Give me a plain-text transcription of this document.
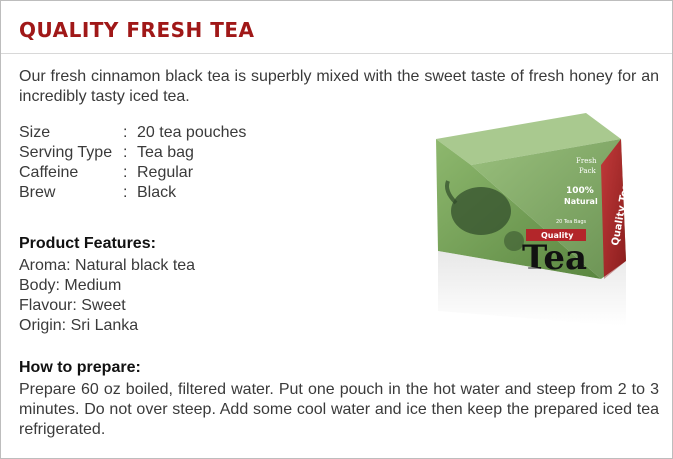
QUALITY FRESH TEA
Our fresh cinnamon black tea is superbly mixed with the sweet taste of fresh honey for an incredibly tasty iced tea.
Size	: 20 tea pouches
Serving Type : Tea bag
Caffeine	: Regular
Brew	: Black
Product Features:
Aroma: Natural black tea
Body: Medium
Flavour: Sweet
Origin: Sri Lanka
How to prepare:

Prepare 60 oz boiled, filtered water. Put one pouch in the hot water and steep from 2 to 3 minutes. Do not over steep. Add some cool water and ice then keep the prepared iced tea refrigerated.

Fresh
Pack
100%
Natural
20 Tea Bags
Quality
Tea
Quality Tea
